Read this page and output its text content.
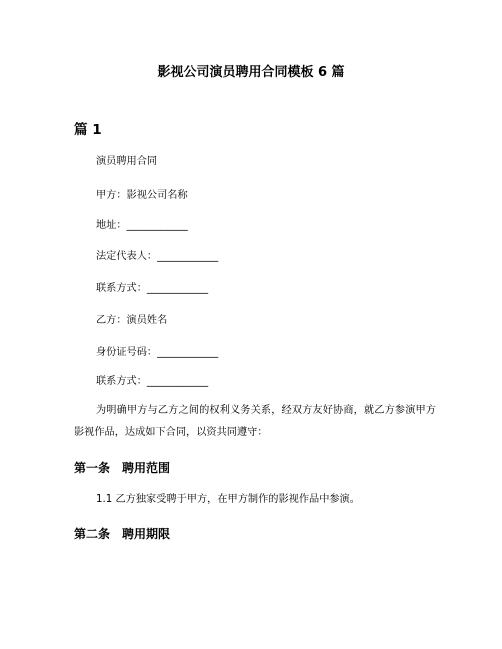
影视公司演员聘用合同模板 6 篇
篇 1
演员聘用合同
甲方：影视公司名称
地址：____________
法定代表人：____________
联系方式：____________
乙方：演员姓名
身份证号码：____________
联系方式：____________
为明确甲方与乙方之间的权利义务关系，经双方友好协商，就乙方参演甲方影视作品，达成如下合同，以资共同遵守：
第一条 聘用范围
1.1 乙方独家受聘于甲方，在甲方制作的影视作品中参演。
第二条 聘用期限
